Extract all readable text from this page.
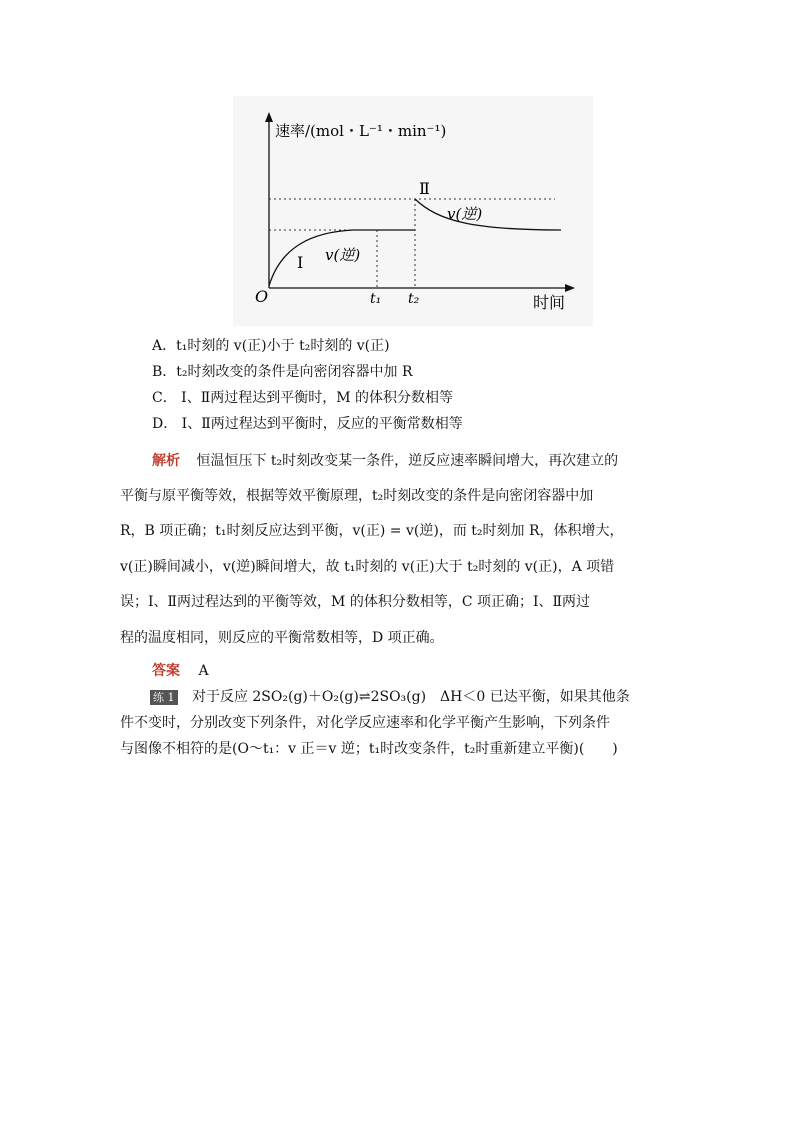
速率/(mol・L⁻¹・min⁻¹)
时间
O	t₁ t₂
Ⅰ
Ⅱ
v(逆)
v(逆)
A．t₁时刻的 v(正)小于 t₂时刻的 v(正)
B．t₂时刻改变的条件是向密闭容器中加 R
C． Ⅰ、Ⅱ两过程达到平衡时，M 的体积分数相等
D． Ⅰ、Ⅱ两过程达到平衡时，反应的平衡常数相等
解析 恒温恒压下 t₂时刻改变某一条件，逆反应速率瞬间增大，再次建立的
平衡与原平衡等效，根据等效平衡原理，t₂时刻改变的条件是向密闭容器中加
R，B 项正确；t₁时刻反应达到平衡，v(正) = v(逆)，而 t₂时刻加 R，体积增大，
v(正)瞬间减小，v(逆)瞬间增大，故 t₁时刻的 v(正)大于 t₂时刻的 v(正)，A 项错
误；Ⅰ、Ⅱ两过程达到的平衡等效，M 的体积分数相等，C 项正确；Ⅰ、Ⅱ两过
程的温度相同，则反应的平衡常数相等，D 项正确。
答案 A
练 1 对于反应 2SO₂(g)＋O₂(g)⇌2SO₃(g)　ΔH＜0 已达平衡，如果其他条
件不变时，分别改变下列条件，对化学反应速率和化学平衡产生影响，下列条件
与图像不相符的是(O～t₁：v 正＝v 逆；t₁时改变条件，t₂时重新建立平衡)(　　)
